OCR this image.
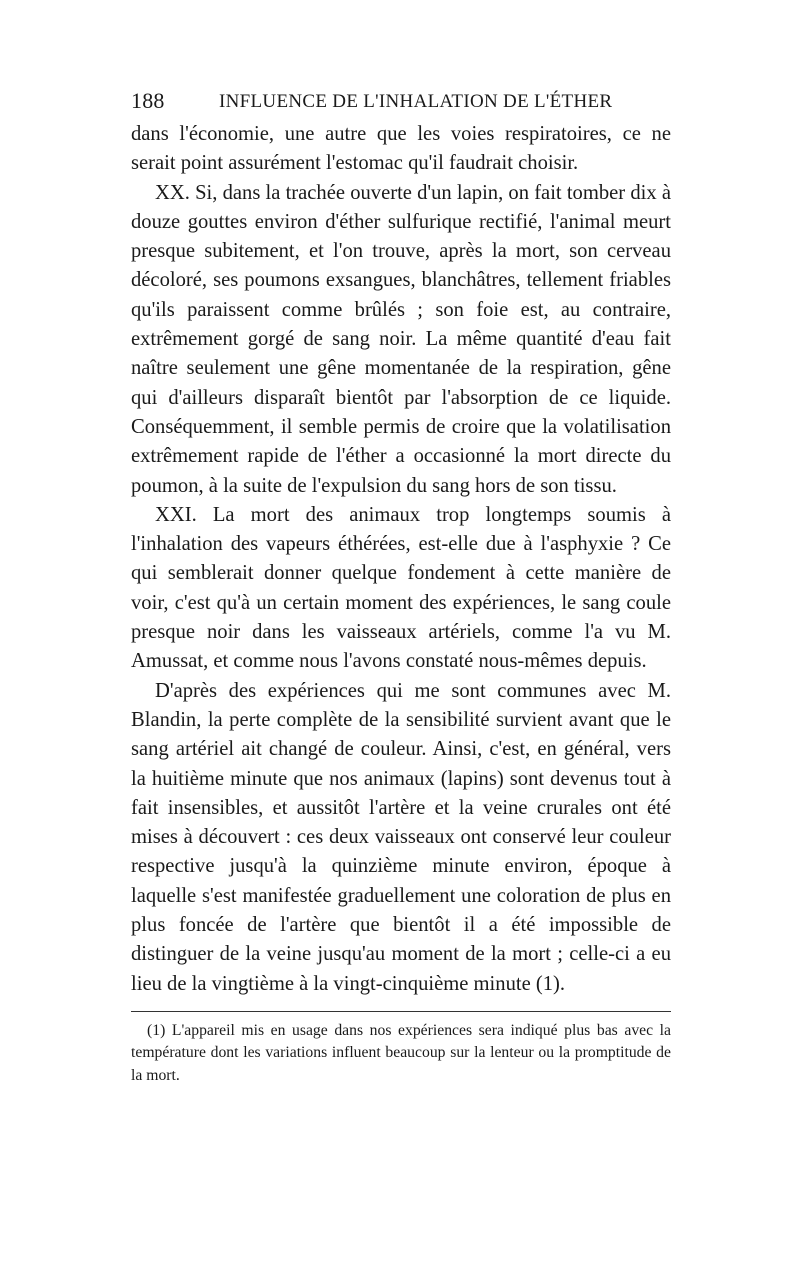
188	INFLUENCE DE L'INHALATION DE L'ÉTHER

dans l'économie, une autre que les voies respiratoires, ce ne serait point assurément l'estomac qu'il faudrait choisir.

XX. Si, dans la trachée ouverte d'un lapin, on fait tomber dix à douze gouttes environ d'éther sulfurique rectifié, l'animal meurt presque subitement, et l'on trouve, après la mort, son cerveau décoloré, ses poumons exsangues, blanchâtres, tellement friables qu'ils paraissent comme brûlés ; son foie est, au contraire, extrêmement gorgé de sang noir. La même quantité d'eau fait naître seulement une gêne momentanée de la respiration, gêne qui d'ailleurs disparaît bientôt par l'absorption de ce liquide. Conséquemment, il semble permis de croire que la volatilisation extrêmement rapide de l'éther a occasionné la mort directe du poumon, à la suite de l'expulsion du sang hors de son tissu.

XXI. La mort des animaux trop longtemps soumis à l'inhalation des vapeurs éthérées, est-elle due à l'asphyxie ? Ce qui semblerait donner quelque fondement à cette manière de voir, c'est qu'à un certain moment des expériences, le sang coule presque noir dans les vaisseaux artériels, comme l'a vu M. Amussat, et comme nous l'avons constaté nous-mêmes depuis.

D'après des expériences qui me sont communes avec M. Blandin, la perte complète de la sensibilité survient avant que le sang artériel ait changé de couleur. Ainsi, c'est, en général, vers la huitième minute que nos animaux (lapins) sont devenus tout à fait insensibles, et aussitôt l'artère et la veine crurales ont été mises à découvert : ces deux vaisseaux ont conservé leur couleur respective jusqu'à la quinzième minute environ, époque à laquelle s'est manifestée graduellement une coloration de plus en plus foncée de l'artère que bientôt il a été impossible de distinguer de la veine jusqu'au moment de la mort ; celle-ci a eu lieu de la vingtième à la vingt-cinquième minute (1).

(1) L'appareil mis en usage dans nos expériences sera indiqué plus bas avec la température dont les variations influent beaucoup sur la lenteur ou la promptitude de la mort.
